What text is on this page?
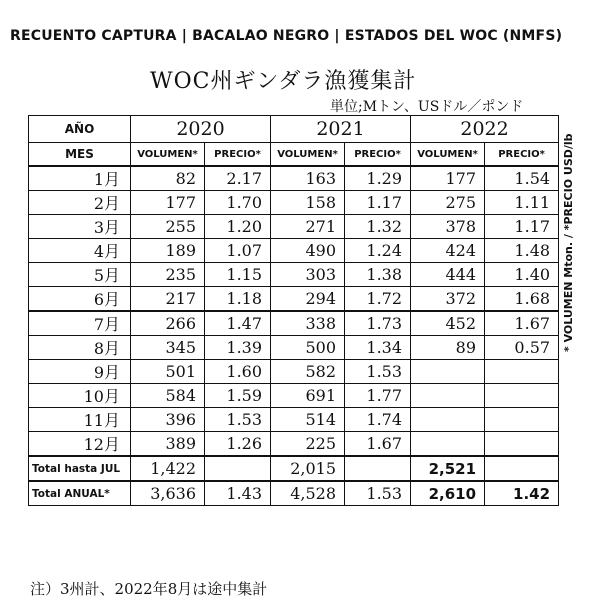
RECUENTO CAPTURA | BACALAO NEGRO | ESTADOS DEL WOC (NMFS)
WOC州ギンダラ漁獲集計
単位;Mトン、USドル／ポンド
* VOLUMEN Mton. / *PRECIO USD/lb
AÑO	2020		2021		2022	
MES	VOLUMEN*	PRECIO*	VOLUMEN*	PRECIO*	VOLUMEN*	PRECIO*
1月	82	2.17	163	1.29	177	1.54
2月	177	1.70	158	1.17	275	1.11
3月	255	1.20	271	1.32	378	1.17
4月	189	1.07	490	1.24	424	1.48
5月	235	1.15	303	1.38	444	1.40
6月	217	1.18	294	1.72	372	1.68
7月	266	1.47	338	1.73	452	1.67
8月	345	1.39	500	1.34	89	0.57
9月	501	1.60	582	1.53		
10月	584	1.59	691	1.77		
11月	396	1.53	514	1.74		
12月	389	1.26	225	1.67		
Total hasta JUL	1,422		2,015		2,521	
Total ANUAL*	3,636	1.43	4,528	1.53	2,610	1.42
注）3州計、2022年8月は途中集計
